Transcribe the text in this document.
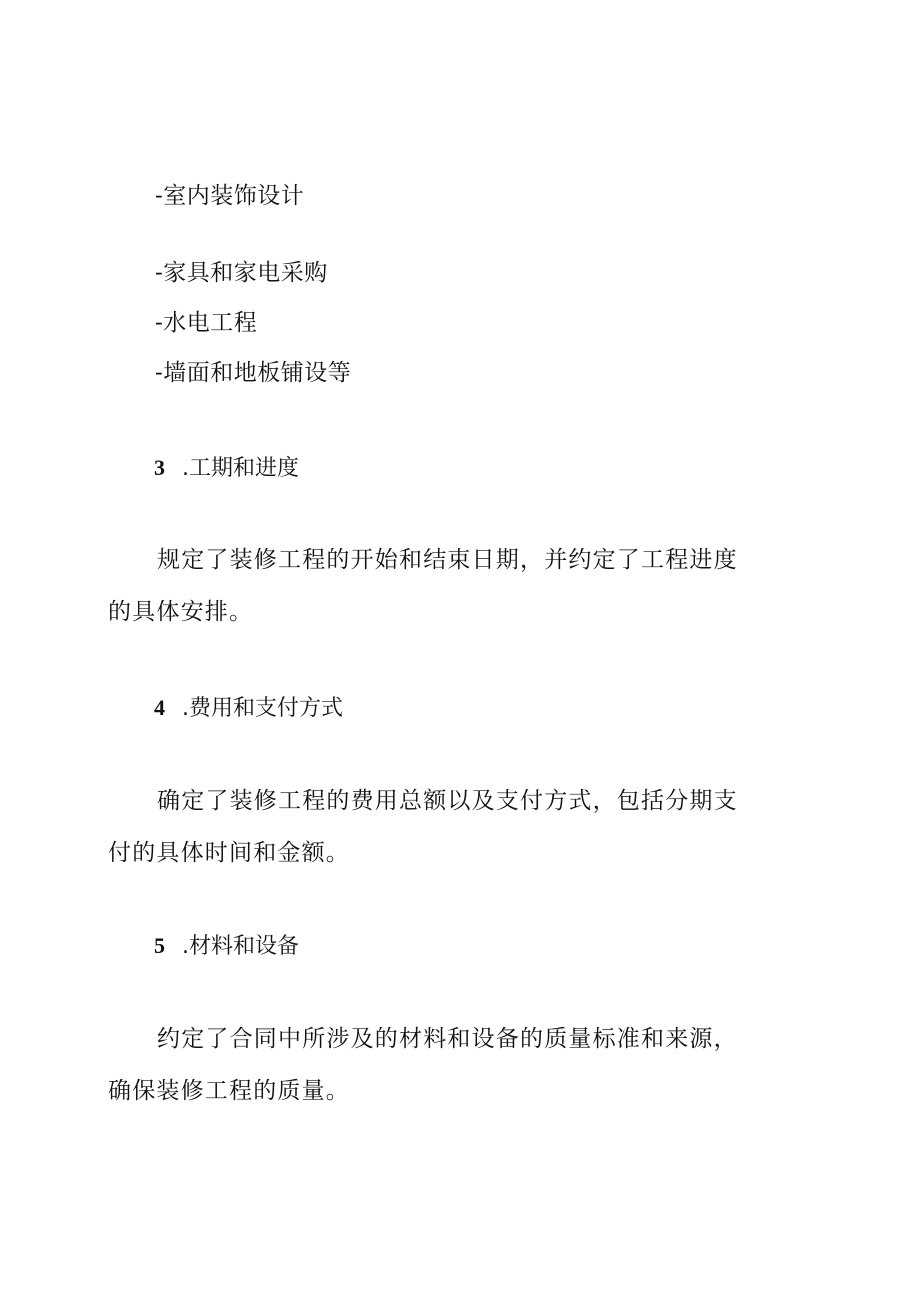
-室内装饰设计
-家具和家电采购
-水电工程
-墙面和地板铺设等
3 .工期和进度
规定了装修工程的开始和结束日期，并约定了工程进度的具体安排。
4 .费用和支付方式
确定了装修工程的费用总额以及支付方式，包括分期支付的具体时间和金额。
5 .材料和设备
约定了合同中所涉及的材料和设备的质量标准和来源，确保装修工程的质量。
